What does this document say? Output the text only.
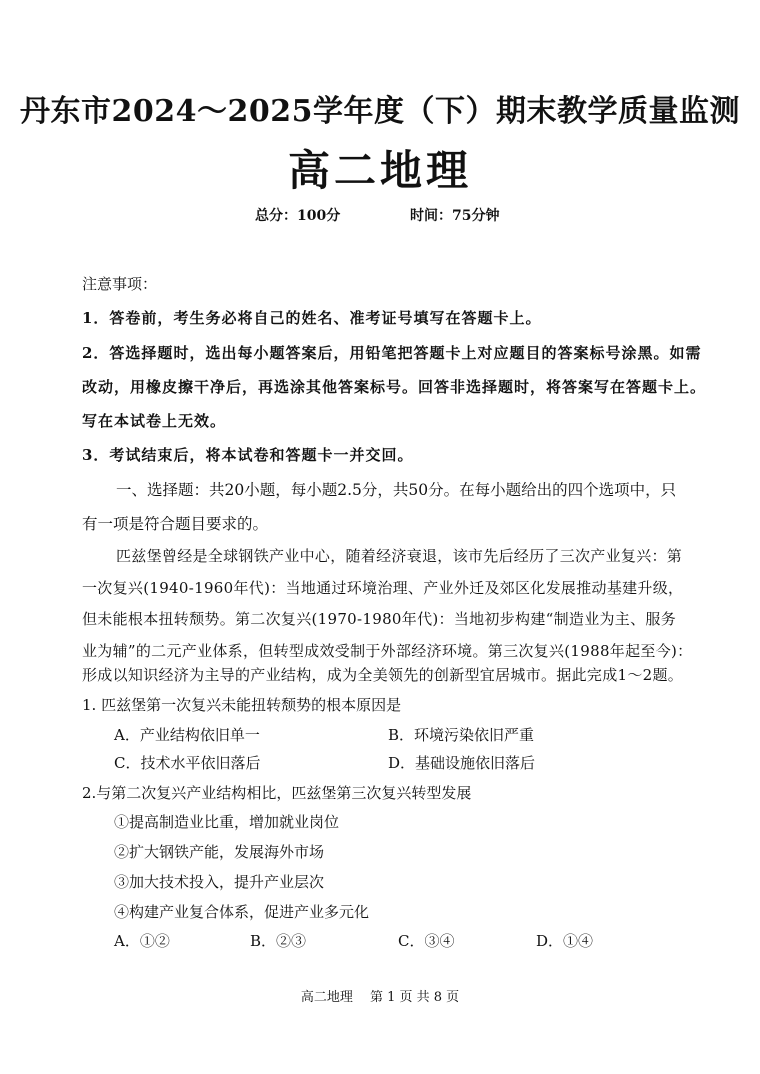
丹东市2024～2025学年度（下）期末教学质量监测
高二地理
总分：100分	时间：75分钟
注意事项：
1．答卷前，考生务必将自己的姓名、准考证号填写在答题卡上。
2．答选择题时，选出每小题答案后，用铅笔把答题卡上对应题目的答案标号涂黑。如需
改动，用橡皮擦干净后，再选涂其他答案标号。回答非选择题时，将答案写在答题卡上。
写在本试卷上无效。
3．考试结束后，将本试卷和答题卡一并交回。
一、选择题：共20小题，每小题2.5分，共50分。在每小题给出的四个选项中，只
有一项是符合题目要求的。
匹兹堡曾经是全球钢铁产业中心，随着经济衰退，该市先后经历了三次产业复兴：第
一次复兴(1940-1960年代)：当地通过环境治理、产业外迁及郊区化发展推动基建升级，
但未能根本扭转颓势。第二次复兴(1970-1980年代)：当地初步构建“制造业为主、服务
业为辅”的二元产业体系，但转型成效受制于外部经济环境。第三次复兴(1988年起至今)：
形成以知识经济为主导的产业结构，成为全美领先的创新型宜居城市。据此完成1～2题。
1. 匹兹堡第一次复兴未能扭转颓势的根本原因是
A．产业结构依旧单一	B．环境污染依旧严重
C．技术水平依旧落后	D．基础设施依旧落后
2.与第二次复兴产业结构相比，匹兹堡第三次复兴转型发展
①提高制造业比重，增加就业岗位
②扩大钢铁产能，发展海外市场
③加大技术投入，提升产业层次
④构建产业复合体系，促进产业多元化
A．①②	B．②③	C．③④	D．①④
高二地理　 第 1 页 共 8 页
